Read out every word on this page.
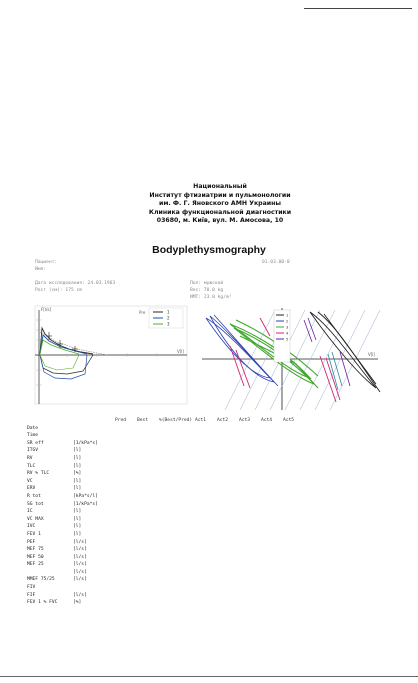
Национальный
Институт фтизиатрии и пульмонологии
им. Ф. Г. Яновского АМН Украины
Клиника функциональной диагностики
03680, м. Київ, вул. М. Амосова, 10
Bodyplethysmography
Пациент:
Имя:
01.03.00-0
Дата исследования: 24.03.1963
Рост (см): 175 cm
Пол: мужской
Вес: 70.0 kg
ИМТ: 23.0 kg/m²
F[l/s]
V[l]
Pre	1
2
3
V[l]
1
2
3
4
5
Pred Best %(Best/Pred) Act1 Act2 Act3 Act4 Act5
Date
Time
SR eff	[1/kPa*s]
ITGV	[l]
RV	[l]
TLC	[l]
RV % TLC	[%]
VC	[l]
ERV	[l]
R tot	[kPa*s/l]
SG tot	[1/kPa*s]
IC	[l]
VC MAX	[l]
IVC	[l]
FEV 1	[l]
PEF	[l/s]
MEF 75	[l/s]
MEF 50	[l/s]
MEF 25	[l/s]
[l/s]
MMEF 75/25	[l/s]
FIV
FIF	[l/s]
FEV 1 % FVC	[%]
